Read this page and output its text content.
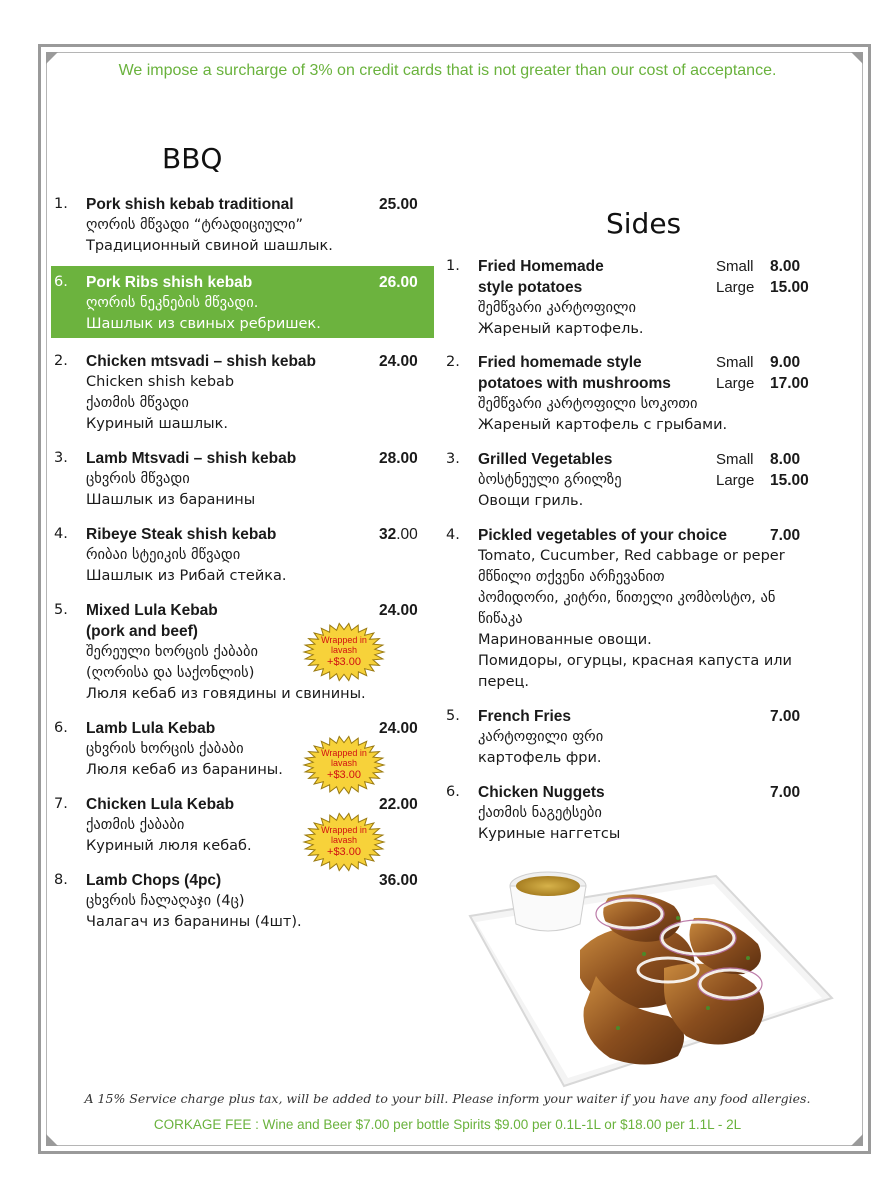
We impose a surcharge of 3% on credit cards that is not greater than our cost of acceptance.
BBQ
1. Pork shish kebab traditional
ღორის მწვადი “ტრადიციული”
Традиционный свиной шашлык.
25.00
6. Pork Ribs shish kebab
ღორის ნეკნების მწვადი.
Шашлык из свиных ребришек.
26.00
2. Chicken mtsvadi – shish kebab
Chicken shish kebab
ქათმის მწვადი
Куриный шашлык.
24.00
3. Lamb Mtsvadi – shish kebab
ცხვრის მწვადი
Шашлык из баранины
28.00
4. Ribeye Steak shish kebab
რიბაი სტეიკის მწვადი
Шашлык из Рибай стейка.
32.00
5. Mixed Lula Kebab
(pork and beef)
შერეული ხორცის ქაბაბი
(ღორისა და საქონლის)
Люля кебаб из говядины и свинины.
24.00
6. Lamb Lula Kebab
ცხვრის ხორცის ქაბაბი
Люля кебаб из баранины.
24.00
7. Chicken Lula Kebab
ქათმის ქაბაბი
Куриный люля кебаб.
22.00
8. Lamb Chops (4pc)
ცხვრის ჩალაღაჯი (4ც)
Чалагач из баранины (4шт).
36.00
Wrapped in
lavash
+$3.00
Wrapped in
lavash
+$3.00
Wrapped in
lavash
+$3.00
Sides
1. Fried Homemade
style potatoes
შემწვარი კარტოფილი
Жареный картофель.
Small 8.00
Large 15.00
2. Fried homemade style
potatoes with mushrooms
შემწვარი კარტოფილი სოკოთი
Жареный картофель с грыбами.
Small 9.00
Large 17.00
3. Grilled Vegetables
ბოსტნეული გრილზე
Овощи гриль.
Small 8.00
Large 15.00
4. Pickled vegetables of your choice
Tomato, Cucumber, Red cabbage or peper
მწნილი თქვენი არჩევანით
პომიდორი, კიტრი, წითელი კომბოსტო, ან
წიწაკა
Маринованные овощи.
Помидоры, огурцы, красная капуста или
перец.
7.00
5. French Fries
კარტოფილი ფრი
картофель фри.
7.00
6. Chicken Nuggets
ქათმის ნაგეტსები
Куриные наггетсы
7.00
A 15% Service charge plus tax, will be added to your bill. Please inform your waiter if you have any food allergies.
CORKAGE FEE : Wine and Beer $7.00 per bottle Spirits $9.00 per 0.1L-1L or $18.00 per 1.1L - 2L
